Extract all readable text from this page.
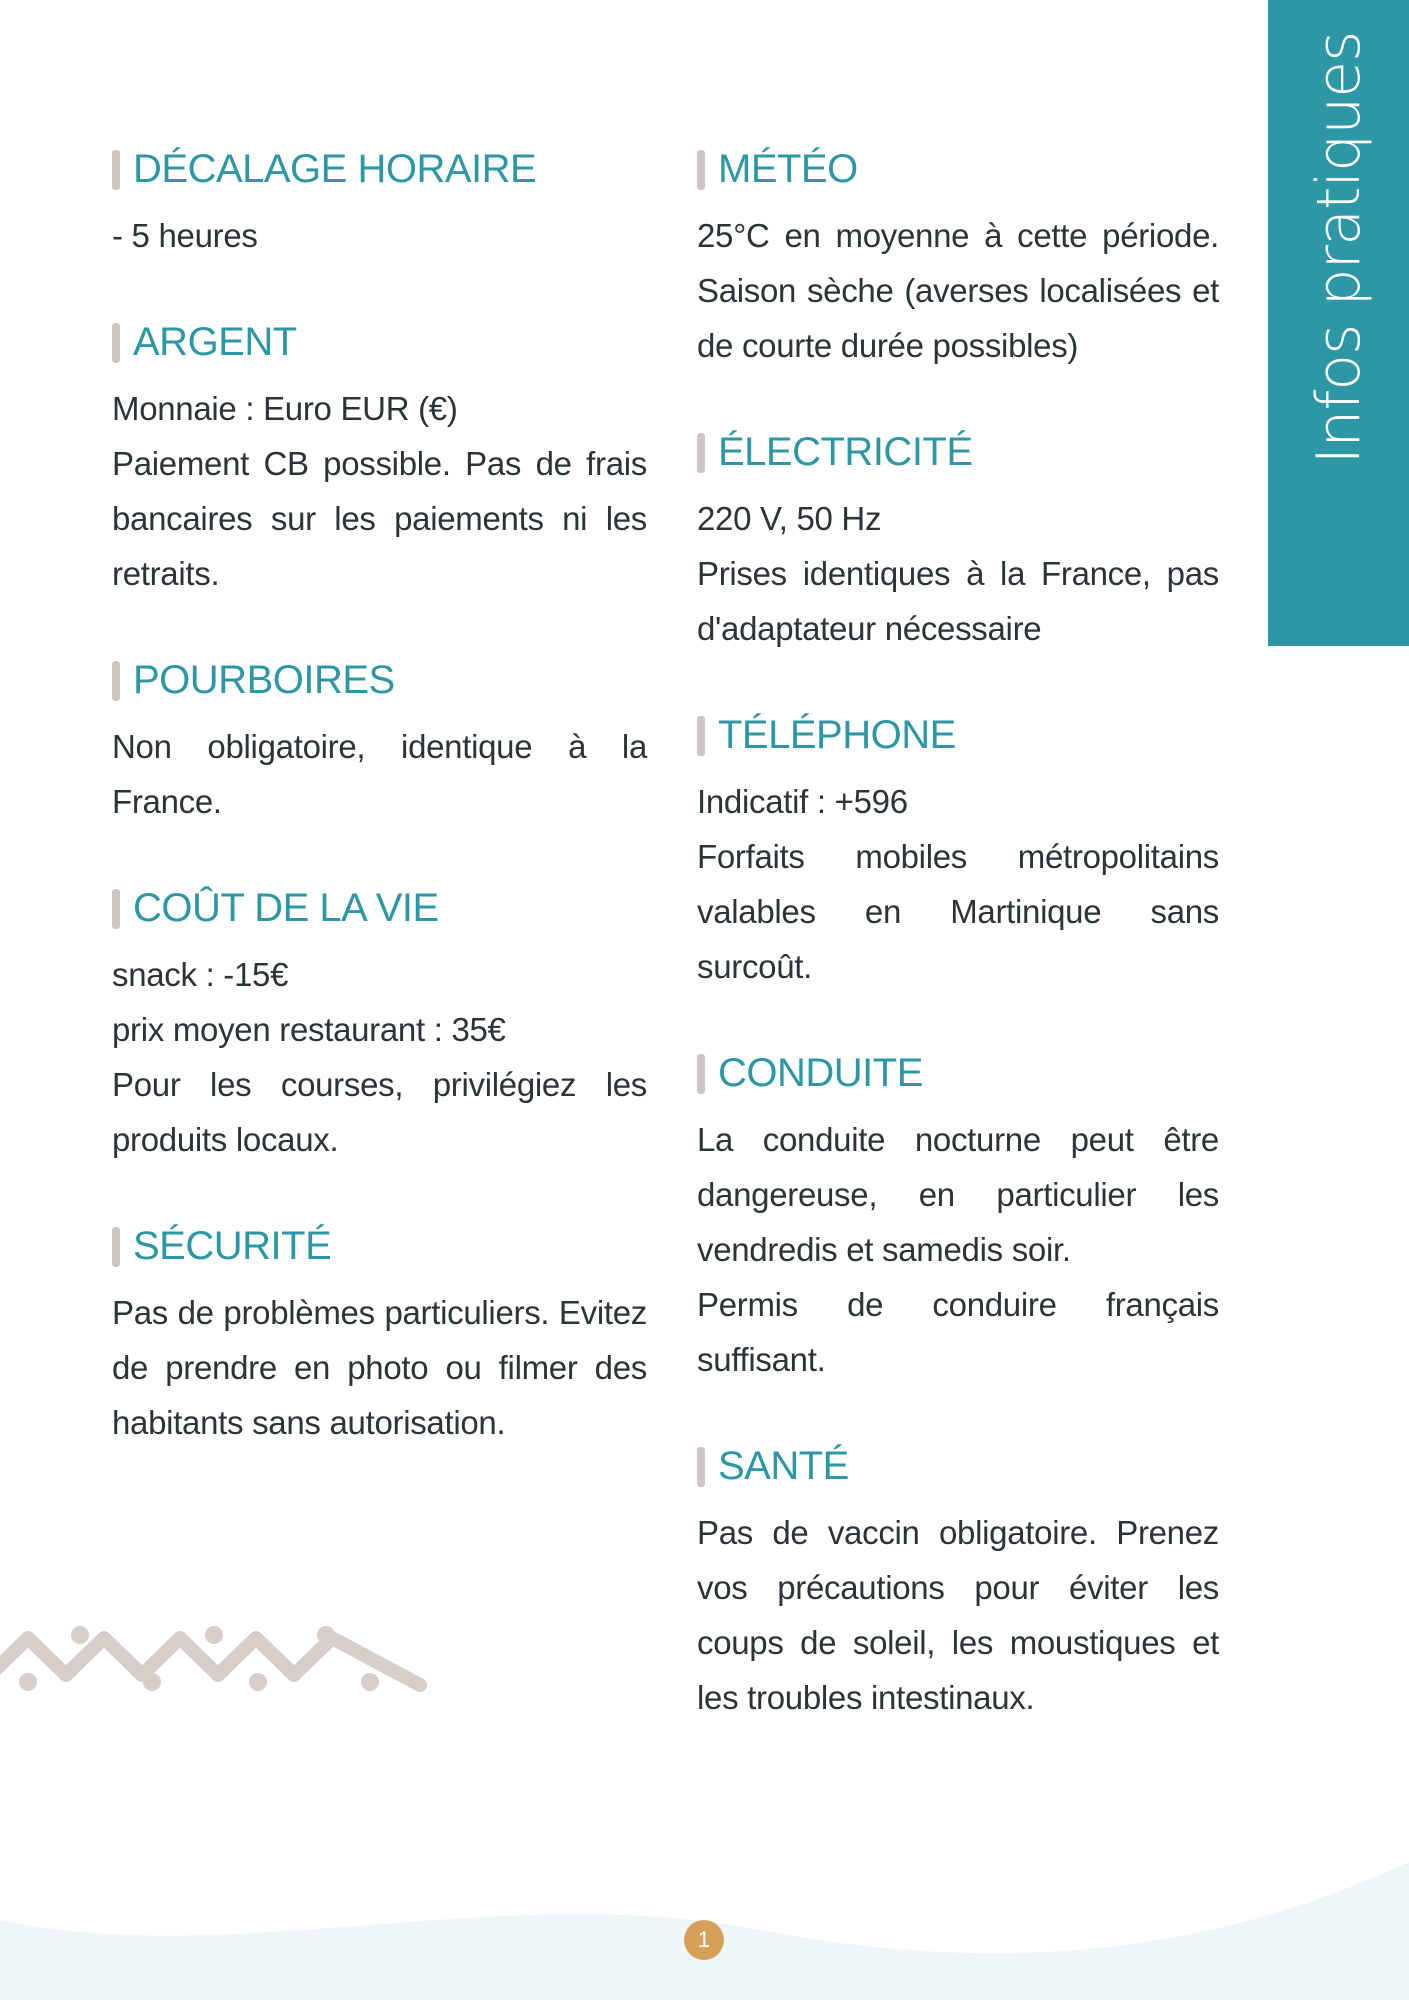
Infos pratiques
DÉCALAGE HORAIRE

- 5 heures

ARGENT

Monnaie : Euro EUR (€)

Paiement CB possible. Pas de frais bancaires sur les paiements ni les retraits.

POURBOIRES

Non obligatoire, identique à la France.

COÛT DE LA VIE

snack : -15€

prix moyen restaurant : 35€

Pour les courses, privilégiez les produits locaux.

SÉCURITÉ

Pas de problèmes particuliers. Evitez de prendre en photo ou filmer des habitants sans autorisation.

MÉTÉO

25°C en moyenne à cette période. Saison sèche (averses localisées et de courte durée possibles)

ÉLECTRICITÉ

220 V, 50 Hz

Prises identiques à la France, pas d'adaptateur nécessaire

TÉLÉPHONE

Indicatif : +596

Forfaits mobiles métropolitains valables en Martinique sans surcoût.

CONDUITE

La conduite nocturne peut être dangereuse, en particulier les vendredis et samedis soir.

Permis de conduire français suffisant.

SANTÉ

Pas de vaccin obligatoire. Prenez vos précautions pour éviter les coups de soleil, les moustiques et les troubles intestinaux.

1
